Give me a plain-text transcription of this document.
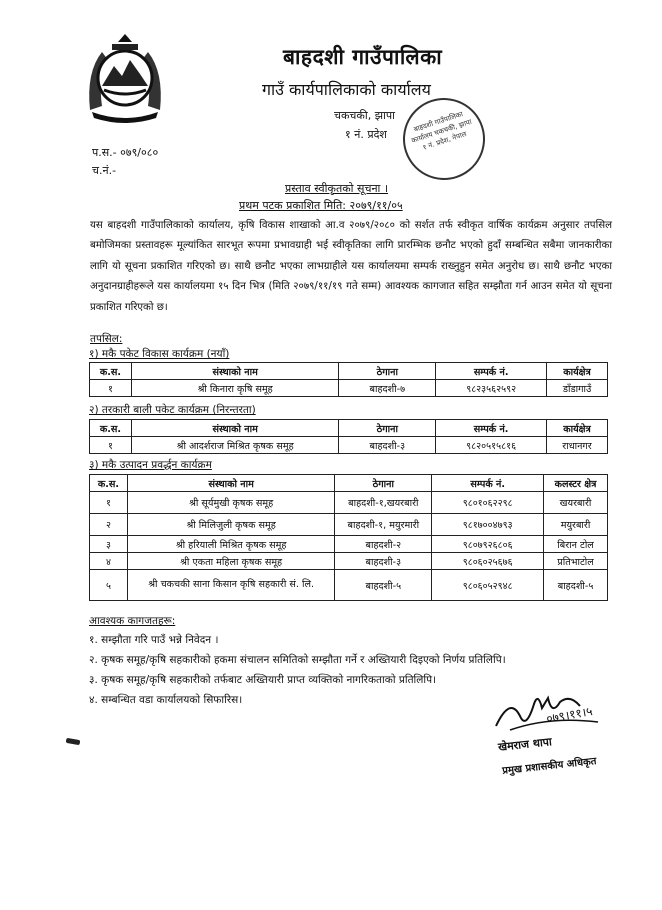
बाहदशी गाउँपालिका
गाउँ कार्यपालिकाको कार्यालय
चकचकी, झापा
१ नं. प्रदेश
बाहदशी गाउँपालिका कार्यालय चकचकी, झापा १ नं. प्रदेश, नेपाल
प.स.- ०७९/०८०
च.नं.-
प्रस्ताव स्वीकृतको सूचना ।
प्रथम पटक प्रकाशित मिति: २०७९/११/०५
यस बाहदशी गाउँपालिकाको कार्यालय, कृषि विकास शाखाको आ.व २०७९/२०८० को सर्शत तर्फ स्वीकृत वार्षिक कार्यक्रम अनुसार तपसिल बमोजिमका प्रस्तावहरू मूल्यांकित सारभूत रूपमा प्रभावग्राही भई स्वीकृतिका लागि प्रारम्भिक छनौट भएको हुदाँ सम्बन्धित सबैमा जानकारीका लागि यो सूचना प्रकाशित गरिएको छ। साथै छनौट भएका लाभग्राहीले यस कार्यालयमा सम्पर्क राख्नुहुन समेत अनुरोध छ। साथै छनौट भएका अनुदानग्राहीहरूले यस कार्यालयमा १५ दिन भित्र (मिति २०७९/११/१९ गते सम्म) आवश्यक कागजात सहित सम्झौता गर्न आउन समेत यो सूचना प्रकाशित गरिएको छ।
तपसिल:
१) मकै पकेट विकास कार्यक्रम (नयाँ)
क.स.	संस्थाको नाम	ठेगाना	सम्पर्क नं.	कार्यक्षेत्र
१	श्री किनारा कृषि समूह	बाहदशी-७	९८२३५६२५९२	डाँडागाउँ
२) तरकारी बाली पकेट कार्यक्रम (निरन्तरता)
क.स.	संस्थाको नाम	ठेगाना	सम्पर्क नं.	कार्यक्षेत्र
१	श्री आदर्शराज मिश्रित कृषक समूह	बाहदशी-३	९८२०५१५८१६	राधानगर
३) मकै उत्पादन प्रवर्द्धन कार्यक्रम
क.स.	संस्थाको नाम	ठेगाना	सम्पर्क नं.	कलस्टर क्षेत्र
१	श्री सूर्यमुखी कृषक समूह	बाहदशी-१,खयरबारी	९८०१०६२२९८	खयरबारी
२	श्री मिलिजुली कृषक समूह	बाहदशी-१, मयुरमारी	९८१७००४७९३	मयुरबारी
३	श्री हरियाली मिश्रित कृषक समूह	बाहदशी-२	९८०७९२६८०६	बिरान टोल
४	श्री एकता महिला कृषक समूह	बाहदशी-३	९८०६०२५६७६	प्रतिभाटोल
५	श्री चकचकी साना किसान कृषि सहकारी सं. लि.	बाहदशी-५	९८०६०५२९४८	बाहदशी-५
आवश्यक कागजतहरू:
१. सम्झौता गरि पाउँ भन्ने निवेदन ।
२. कृषक समूह/कृषि सहकारीको हकमा संचालन समितिको सम्झौता गर्ने र अख्तियारी दिइएको निर्णय प्रतिलिपि।
३. कृषक समूह/कृषि सहकारीको तर्फबाट अख्तियारी प्राप्त व्यक्तिको नागरिकताको प्रतिलिपि।
४. सम्बन्धित वडा कार्यालयको सिफारिस।
०७९।११।५
खेमराज थापा
प्रमुख प्रशासकीय अधिकृत
